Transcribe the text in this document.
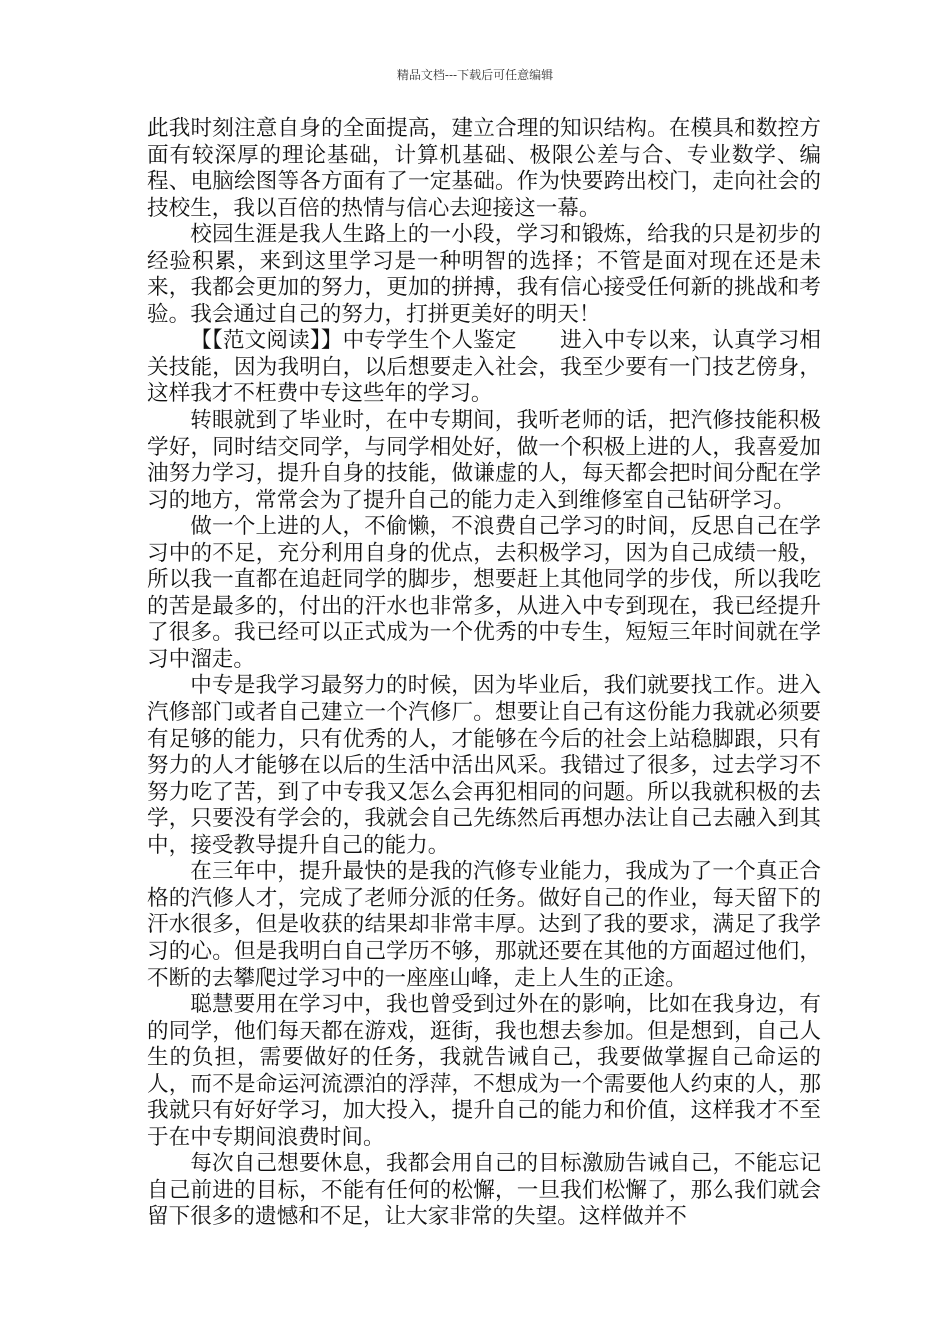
精品文档---下载后可任意编辑

此我时刻注意自身的全面提高，建立合理的知识结构。在模具和数控方面有较深厚的理论基础，计算机基础、极限公差与合、专业数学、编程、电脑绘图等各方面有了一定基础。作为快要跨出校门，走向社会的技校生，我以百倍的热情与信心去迎接这一幕。

校园生涯是我人生路上的一小段，学习和锻炼，给我的只是初步的经验积累，来到这里学习是一种明智的选择；不管是面对现在还是未来，我都会更加的努力，更加的拼搏，我有信心接受任何新的挑战和考验。我会通过自己的努力，打拼更美好的明天！

【【范文阅读】】中专学生个人鉴定　　进入中专以来，认真学习相关技能，因为我明白，以后想要走入社会，我至少要有一门技艺傍身，这样我才不枉费中专这些年的学习。

转眼就到了毕业时，在中专期间，我听老师的话，把汽修技能积极学好，同时结交同学，与同学相处好，做一个积极上进的人，我喜爱加油努力学习，提升自身的技能，做谦虚的人，每天都会把时间分配在学习的地方，常常会为了提升自己的能力走入到维修室自己钻研学习。

做一个上进的人，不偷懒，不浪费自己学习的时间，反思自己在学习中的不足，充分利用自身的优点，去积极学习，因为自己成绩一般，所以我一直都在追赶同学的脚步，想要赶上其他同学的步伐，所以我吃的苦是最多的，付出的汗水也非常多，从进入中专到现在，我已经提升了很多。我已经可以正式成为一个优秀的中专生，短短三年时间就在学习中溜走。

中专是我学习最努力的时候，因为毕业后，我们就要找工作。进入汽修部门或者自己建立一个汽修厂。想要让自己有这份能力我就必须要有足够的能力，只有优秀的人，才能够在今后的社会上站稳脚跟，只有努力的人才能够在以后的生活中活出风采。我错过了很多，过去学习不努力吃了苦，到了中专我又怎么会再犯相同的问题。所以我就积极的去学，只要没有学会的，我就会自己先练然后再想办法让自己去融入到其中，接受教导提升自己的能力。

在三年中，提升最快的是我的汽修专业能力，我成为了一个真正合格的汽修人才，完成了老师分派的任务。做好自己的作业，每天留下的汗水很多，但是收获的结果却非常丰厚。达到了我的要求，满足了我学习的心。但是我明白自己学历不够，那就还要在其他的方面超过他们，不断的去攀爬过学习中的一座座山峰，走上人生的正途。

聪慧要用在学习中，我也曾受到过外在的影响，比如在我身边，有的同学，他们每天都在游戏，逛街，我也想去参加。但是想到，自己人生的负担，需要做好的任务，我就告诫自己，我要做掌握自己命运的人，而不是命运河流漂泊的浮萍，不想成为一个需要他人约束的人，那我就只有好好学习，加大投入，提升自己的能力和价值，这样我才不至于在中专期间浪费时间。

每次自己想要休息，我都会用自己的目标激励告诫自己，不能忘记自己前进的目标，不能有任何的松懈，一旦我们松懈了，那么我们就会留下很多的遗憾和不足，让大家非常的失望。这样做并不
